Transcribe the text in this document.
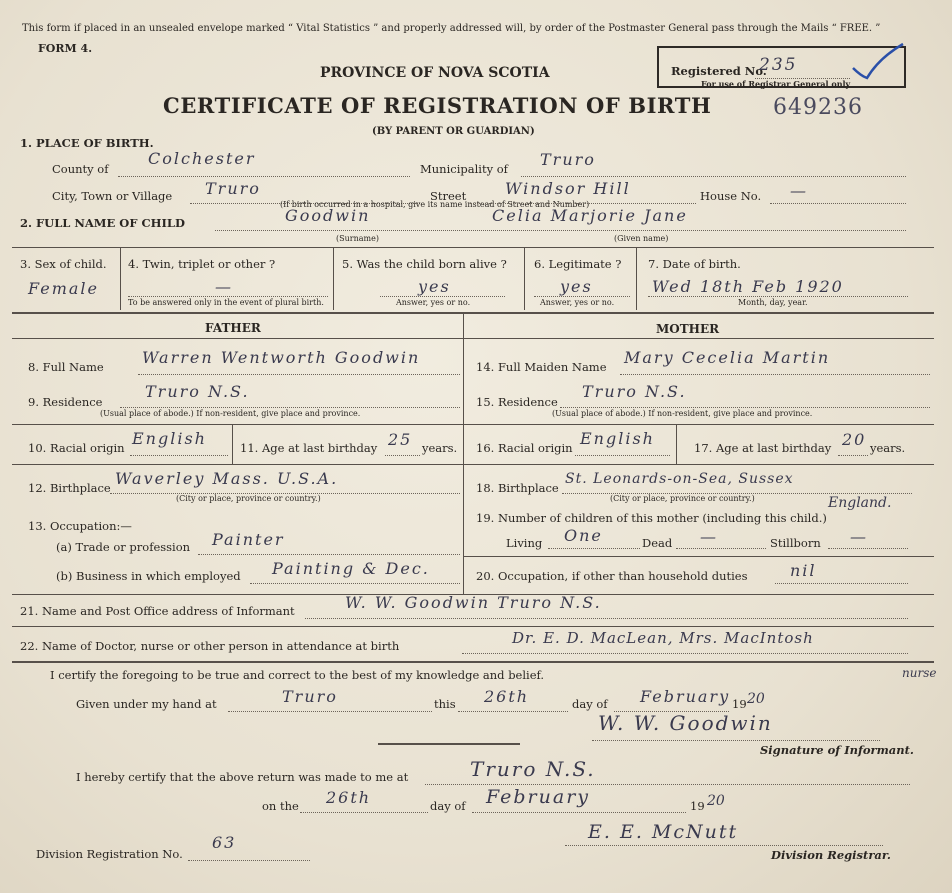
This form if placed in an unsealed envelope marked “ Vital Statistics ” and properly addressed will, by order of the Postmaster General pass through the Mails “ FREE. ”
FORM 4.
PROVINCE OF NOVA SCOTIA
CERTIFICATE OF REGISTRATION OF BIRTH
(BY PARENT OR GUARDIAN)
Registered No.
235
For use of Registrar General only
649236
1. PLACE OF BIRTH.
County of
Colchester
Municipality of Truro
City, Town or Village Truro
(If birth occurred in a hospital, give its name instead of Street and Number)
Street Windsor Hill	House No. —
2. FULL NAME OF CHILD	Goodwin	Celia Marjorie Jane
(Surname)	(Given name)
3. Sex of child.
Female
4. Twin, triplet or other ?
—
To be answered only in the event of plural birth.
5. Was the child born alive ?
yes
Answer, yes or no.
6. Legitimate ?
yes
Answer, yes or no.
7. Date of birth.
Wed 18th Feb 1920
Month, day, year.
FATHER	MOTHER
8. Full Name Warren Wentworth Goodwin
9. Residence
Truro N.S.
(Usual place of abode.) If non-resident, give place and province.
10. Racial origin English	11. Age at last birthday 25 years.
12. Birthplace Waverley Mass. U.S.A.
(City or place, province or country.)
13. Occupation:—
(a) Trade or profession Painter
(b) Business in which employed Painting & Dec.
14. Full Maiden Name Mary Cecelia Martin
15. Residence
Truro N.S.
(Usual place of abode.) If non-resident, give place and province.
16. Racial origin English	17. Age at last birthday 20 years.
18. Birthplace
St. Leonards-on-Sea, Sussex
England.
(City or place, province or country.)
19. Number of children of this mother (including this child.)
Living One	Dead —	Stillborn —
20. Occupation, if other than household duties	nil
21. Name and Post Office address of Informant	W. W. Goodwin Truro N.S.
22. Name of Doctor, nurse or other person in attendance at birth	Dr. E. D. MacLean, Mrs. MacIntosh
nurse
I certify the foregoing to be true and correct to the best of my knowledge and belief.
Given under my hand at	Truro	this 26th	day of February 19 20
W. W. Goodwin
Signature of Informant.
I hereby certify that the above return was made to me at	Truro N.S.
on the 26th	day of February	19 20
E. E. McNutt
Division Registration No.
63
Division Registrar.
